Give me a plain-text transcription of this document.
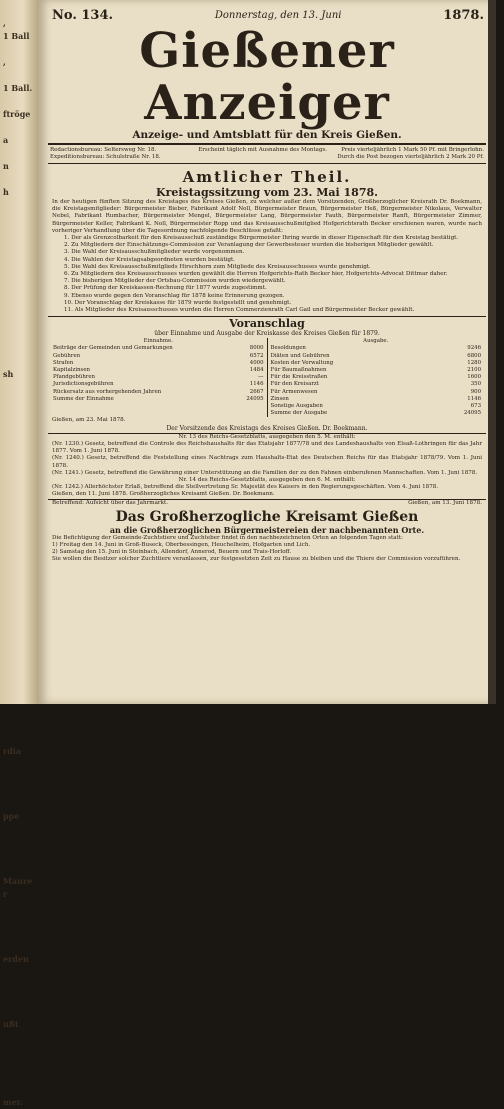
,
1 Ball

,

1 Ball.

ftröge

a

n

h

sh

rdia

ppe

Maurer

erden

ußt

mer.
No. 134.	Donnerstag, den 13. Juni	1878.
Gießener Anzeiger
Anzeige- und Amtsblatt für den Kreis Gießen.
Redactionsbureau: Seltersweg Nr. 18. Expeditionsbureau: Schulstraße Nr. 18.
Erscheint täglich mit Ausnahme des Montags.	Preis vierteljährlich 1 Mark 50 Pf. mit Bringerlohn. Durch die Post bezogen vierteljährlich 2 Mark 20 Pf.
Amtlicher Theil.
Kreistagssitzung vom 23. Mai 1878.
In der heutigen fünften Sitzung des Kreistages des Kreises Gießen, zu welcher außer dem Vorsitzenden, Großherzoglicher Kreisrath Dr. Boekmann, die Kreistagsmitglieder: Bürgermeister Bieber, Fabrikant Adolf Noll, Bürgermeister Braun, Bürgermeister Heß, Bürgermeister Nikolaus, Verwalter Nebel, Fabrikant Rumbacher, Bürgermeister Mengel, Bürgermeister Lang, Bürgermeister Fauth, Bürgermeister Ranft, Bürgermeister Zimmer, Bürgermeister Keller, Fabrikant K. Noll, Bürgermeister Ropp und das Kreisausschußmitglied Hofgerichtsrath Becker erschienen waren, wurde nach vorheriger Verhandlung über die Tagesordnung nachfolgende Beschlüsse gefaßt:
1. Der als Grenzcolbarkeit für den Kreisausschuß zuständige Bürgermeister Ihring wurde in dieser Eigenschaft für den Kreistag bestätigt.
2. Zu Mitgliedern der Einschätzungs-Commission zur Veranlagung der Gewerbesteuer wurden die bisherigen Mitglieder gewählt.
3. Die Wahl der Kreisausschußmitglieder wurde vorgenommen.
4. Die Wahlen der Kreistagsabgeordneten wurden bestätigt.
5. Die Wahl des Kreisausschußmitglieds Hirschhorn zum Mitgliede des Kreisausschusses wurde genehmigt.
6. Zu Mitgliedern des Kreisausschusses wurden gewählt die Herren Hofgerichts-Rath Becker hier, Hofgerichts-Advocat Dittmar daher.
7. Die bisherigen Mitglieder der Ortsbau-Commission wurden wiedergewählt.
8. Der Prüfung der Kreiskassen-Rechnung für 1877 wurde zugestimmt.
9. Ebenso wurde gegen den Voranschlag für 1878 keine Erinnerung gezogen.
10. Der Voranschlag der Kreiskasse für 1879 wurde festgestellt und genehmigt.
11. Als Mitglieder des Kreisausschusses wurden die Herren Commerzienrath Carl Gail und Bürgermeister Becker gewählt.
Voranschlag
über Einnahme und Ausgabe der Kreiskasse des Kreises Gießen für 1879.
Einnahme.
Beiträge der Gemeinden und Gemarkungen	8000
Gebühren	6572
Strafen	4000
Kapitalzinsen	1484
Pfandgebühren	—
Jurisdictionsgebühren	1146
Rückersatz aus vorhergehenden Jahren	2667
Summe der Einnahme	24095
Ausgabe.
Besoldungen	9246
Diäten und Gebühren	6800
Kosten der Verwaltung	1280
Für Baumaßnahmen	2100
Für die Kreisstraßen	1600
Für den Kreisarzt	350
Für Armenwesen	900
Zinsen	1146
Sonstige Ausgaben	673
Summe der Ausgabe	24095
Gießen, am 23. Mai 1878.
Der Vorsitzende des Kreistags des Kreises Gießen. Dr. Boekmann.
Nr. 13 des Reichs-Gesetzblatts, ausgegeben den 5. M. enthält:
(Nr. 1230.) Gesetz, betreffend die Controle des Reichshaushalts für das Etatsjahr 1877/78 und des Landeshaushalts von Elsaß-Lothringen für das Jahr 1877. Vom 1. Juni 1878.
(Nr. 1240.) Gesetz, betreffend die Feststellung eines Nachtrags zum Haushalts-Etat des Deutschen Reichs für das Etatsjahr 1878/79. Vom 1. Juni 1878.
(Nr. 1241.) Gesetz, betreffend die Gewährung einer Unterstützung an die Familien der zu den Fahnen einberufenen Mannschaften. Vom 1. Juni 1878.
Nr. 14 des Reichs-Gesetzblatts, ausgegeben den 6. M. enthält:
(Nr. 1242.) Allerhöchster Erlaß, betreffend die Stellvertretung Sr. Majestät des Kaisers in den Regierungsgeschäften. Vom 4. Juni 1878.
Gießen, den 11. Juni 1878. Großherzogliches Kreisamt Gießen. Dr. Boekmann.
Betreffend: Aufsicht über das Jahrmarkt.	Gießen, am 13. Juni 1878.
Das Großherzogliche Kreisamt Gießen
an die Großherzoglichen Bürgermeistereien der nachbenannten Orte.
Die Befichtigung der Gemeinde-Zuchtstiere und Zuchteber findet in den nachbezeichneten Orten an folgenden Tagen statt:
1) Freitag den 14. Juni in Groß-Buseck, Oberbessingen, Heuchelheim, Hofgarten und Lich.
2) Samstag den 15. Juni in Steinbach, Allendorf, Annerod, Beuern und Trais-Horloff.
Sie wollen die Besitzer solcher Zuchttiere veranlassen, zur festgesetzten Zeit zu Hause zu bleiben und die Thiere der Commission vorzuführen.
